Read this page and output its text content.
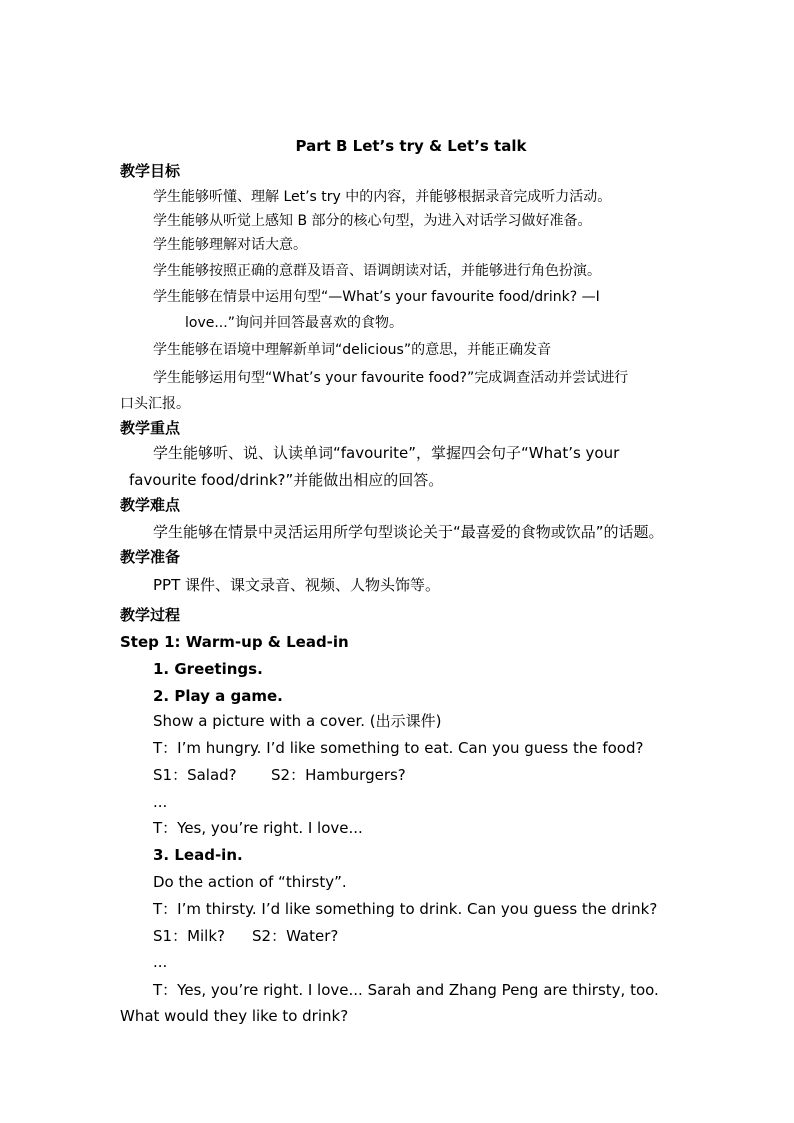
Part B Let’s try & Let’s talk
教学目标
学生能够听懂、理解 Let’s try 中的内容，并能够根据录音完成听力活动。
学生能够从听觉上感知 B 部分的核心句型，为进入对话学习做好准备。
学生能够理解对话大意。
学生能够按照正确的意群及语音、语调朗读对话，并能够进行角色扮演。
学生能够在情景中运用句型“—What’s your favourite food/drink? —I
love...”询问并回答最喜欢的食物。
学生能够在语境中理解新单词“delicious”的意思，并能正确发音
学生能够运用句型“What’s your favourite food?”完成调查活动并尝试进行
口头汇报。
教学重点
学生能够听、说、认读单词“favourite”，掌握四会句子“What’s your
favourite food/drink?”并能做出相应的回答。
教学难点
学生能够在情景中灵活运用所学句型谈论关于“最喜爱的食物或饮品”的话题。
教学准备
PPT 课件、课文录音、视频、人物头饰等。
教学过程
Step 1: Warm-up & Lead-in
1. Greetings.
2. Play a game.
Show a picture with a cover. (出示课件)
T：I’m hungry. I’d like something to eat. Can you guess the food?
S1：Salad? S2：Hamburgers?
...
T：Yes, you’re right. I love...
3. Lead-in.
Do the action of “thirsty”.
T：I’m thirsty. I’d like something to drink. Can you guess the drink?
S1：Milk? S2：Water?
...
T：Yes, you’re right. I love... Sarah and Zhang Peng are thirsty, too.
What would they like to drink?
